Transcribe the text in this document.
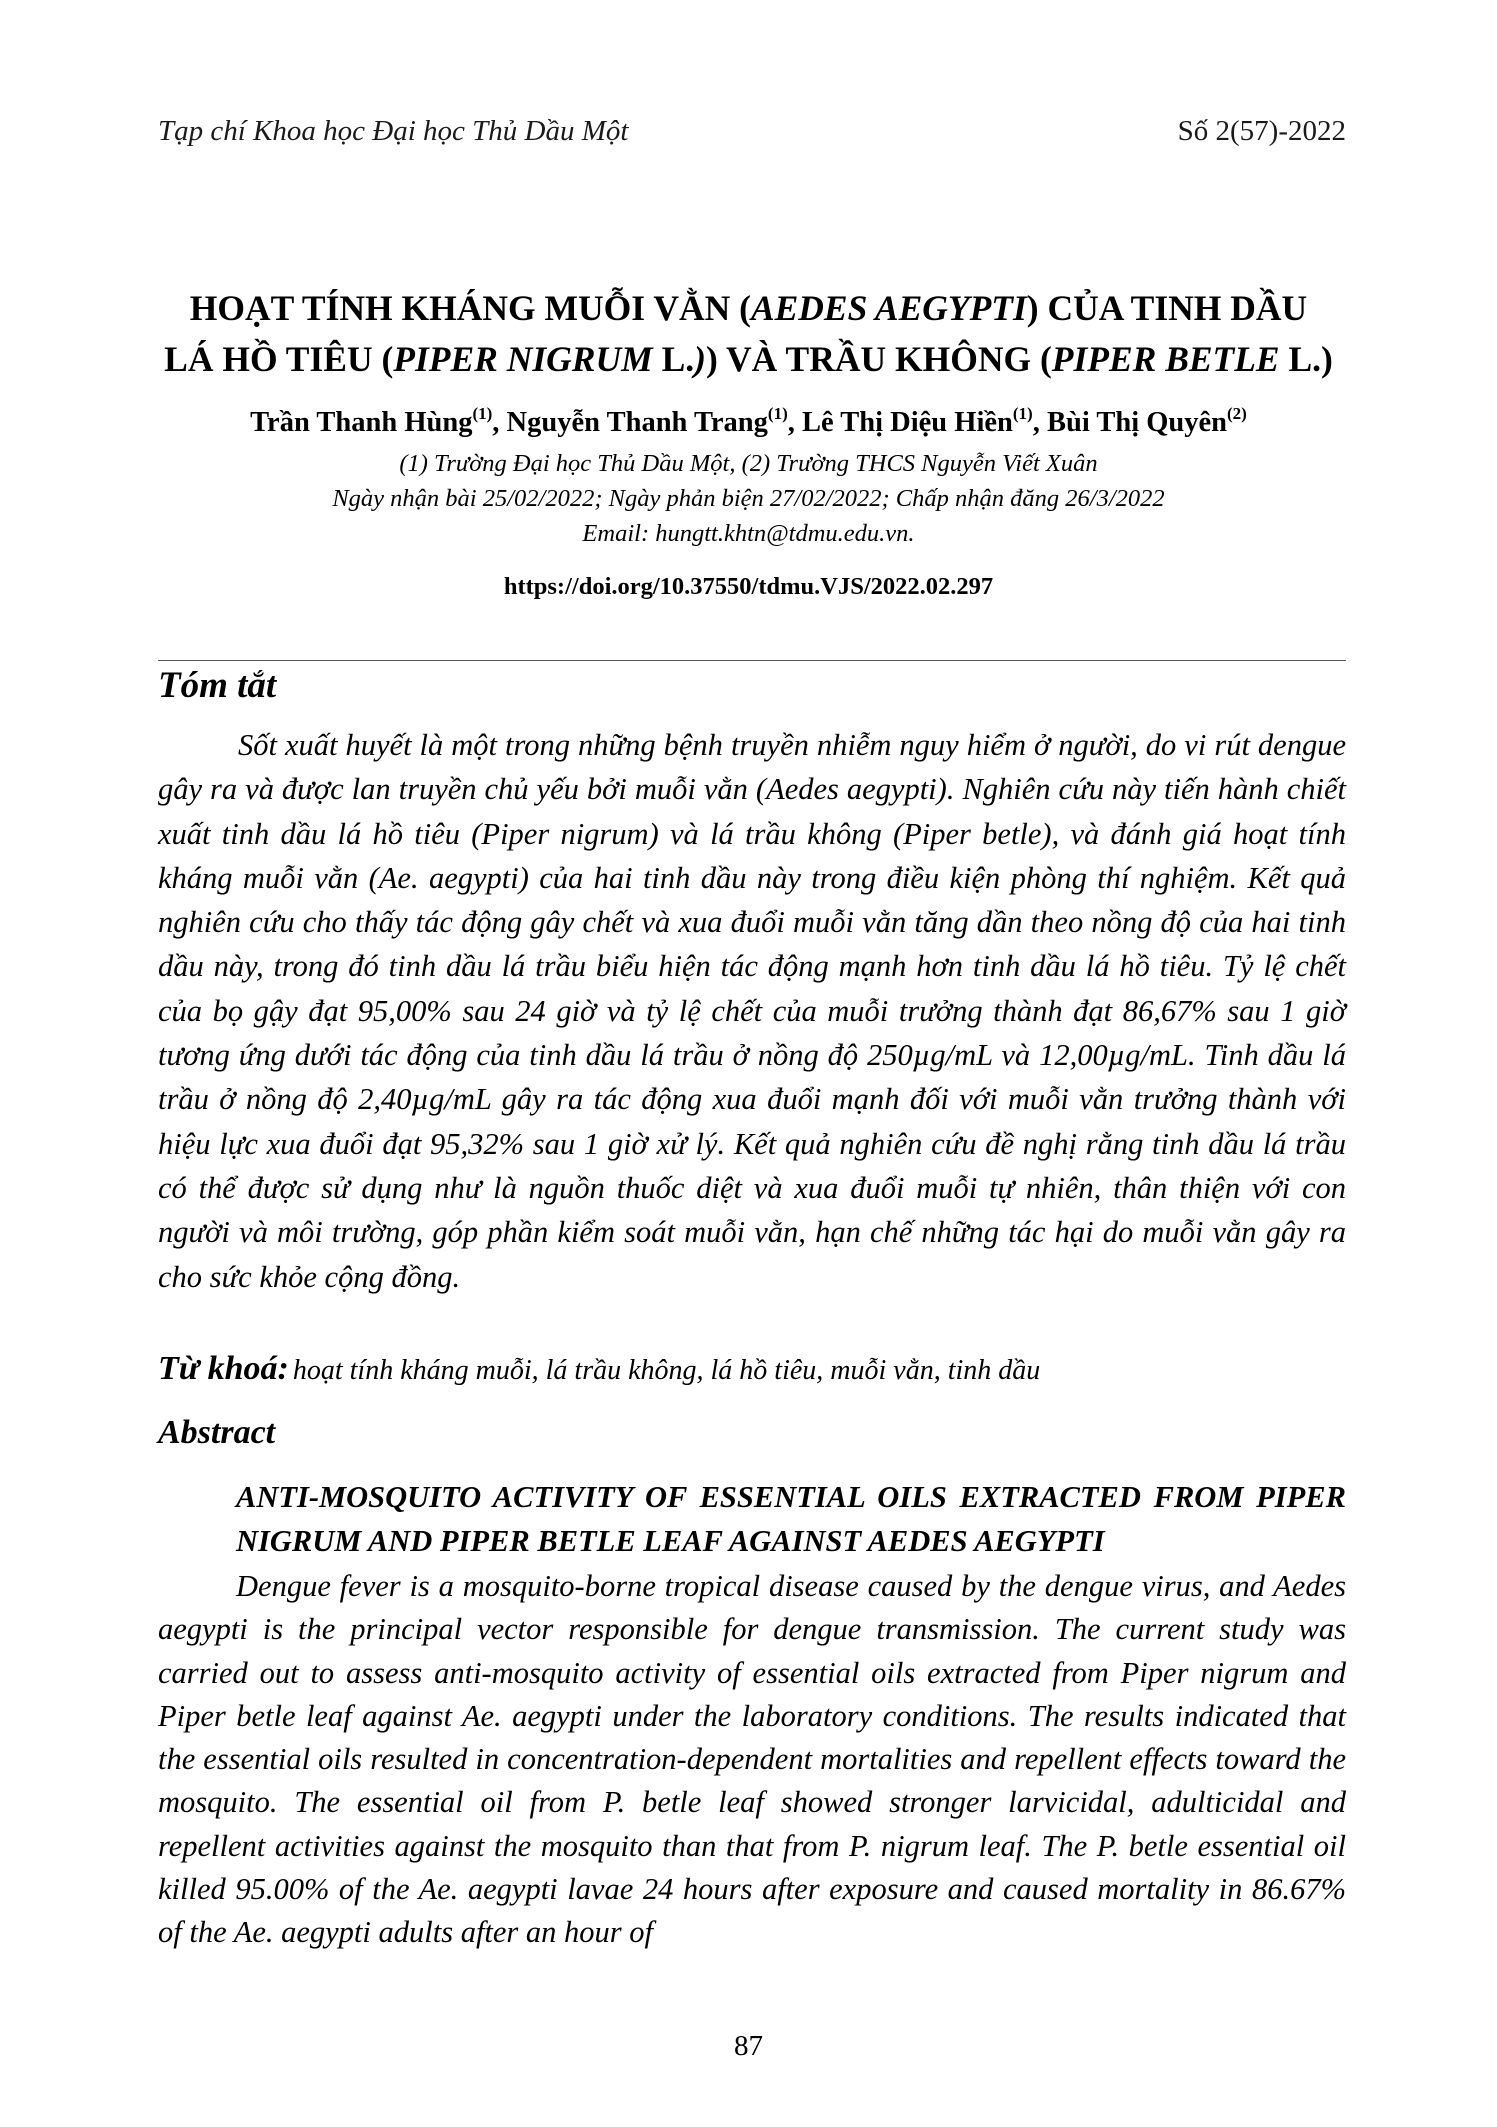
Tạp chí Khoa học Đại học Thủ Dầu Một	Số 2(57)-2022
HOẠT TÍNH KHÁNG MUỖI VẰN (AEDES AEGYPTI) CỦA TINH DẦU
LÁ HỒ TIÊU (PIPER NIGRUM L.)) VÀ TRẦU KHÔNG (PIPER BETLE L.)
Trần Thanh Hùng$^{(1)}$, Nguyễn Thanh Trang$^{(1)}$, Lê Thị Diệu Hiền$^{(1)}$, Bùi Thị Quyên$^{(2)}$
(1) Trường Đại học Thủ Dầu Một, (2) Trường THCS Nguyễn Viết Xuân
Ngày nhận bài 25/02/2022; Ngày phản biện 27/02/2022; Chấp nhận đăng 26/3/2022
Email: hungtt.khtn@tdmu.edu.vn.
https://doi.org/10.37550/tdmu.VJS/2022.02.297
Tóm tắt
Sốt xuất huyết là một trong những bệnh truyền nhiễm nguy hiểm ở người, do vi rút dengue gây ra và được lan truyền chủ yếu bởi muỗi vằn (Aedes aegypti). Nghiên cứu này tiến hành chiết xuất tinh dầu lá hồ tiêu (Piper nigrum) và lá trầu không (Piper betle), và đánh giá hoạt tính kháng muỗi vằn (Ae. aegypti) của hai tinh dầu này trong điều kiện phòng thí nghiệm. Kết quả nghiên cứu cho thấy tác động gây chết và xua đuổi muỗi vằn tăng dần theo nồng độ của hai tinh dầu này, trong đó tinh dầu lá trầu biểu hiện tác động mạnh hơn tinh dầu lá hồ tiêu. Tỷ lệ chết của bọ gậy đạt 95,00% sau 24 giờ và tỷ lệ chết của muỗi trưởng thành đạt 86,67% sau 1 giờ tương ứng dưới tác động của tinh dầu lá trầu ở nồng độ 250µg/mL và 12,00µg/mL. Tinh dầu lá trầu ở nồng độ 2,40µg/mL gây ra tác động xua đuổi mạnh đối với muỗi vằn trưởng thành với hiệu lực xua đuổi đạt 95,32% sau 1 giờ xử lý. Kết quả nghiên cứu đề nghị rằng tinh dầu lá trầu có thể được sử dụng như là nguồn thuốc diệt và xua đuổi muỗi tự nhiên, thân thiện với con người và môi trường, góp phần kiểm soát muỗi vằn, hạn chế những tác hại do muỗi vằn gây ra cho sức khỏe cộng đồng.
Từ khoá: hoạt tính kháng muỗi, lá trầu không, lá hồ tiêu, muỗi vằn, tinh dầu
Abstract
ANTI-MOSQUITO ACTIVITY OF ESSENTIAL OILS EXTRACTED FROM PIPER NIGRUM AND PIPER BETLE LEAF AGAINST AEDES AEGYPTI
Dengue fever is a mosquito-borne tropical disease caused by the dengue virus, and Aedes aegypti is the principal vector responsible for dengue transmission. The current study was carried out to assess anti-mosquito activity of essential oils extracted from Piper nigrum and Piper betle leaf against Ae. aegypti under the laboratory conditions. The results indicated that the essential oils resulted in concentration-dependent mortalities and repellent effects toward the mosquito. The essential oil from P. betle leaf showed stronger larvicidal, adulticidal and repellent activities against the mosquito than that from P. nigrum leaf. The P. betle essential oil killed 95.00% of the Ae. aegypti lavae 24 hours after exposure and caused mortality in 86.67% of the Ae. aegypti adults after an hour of
87
